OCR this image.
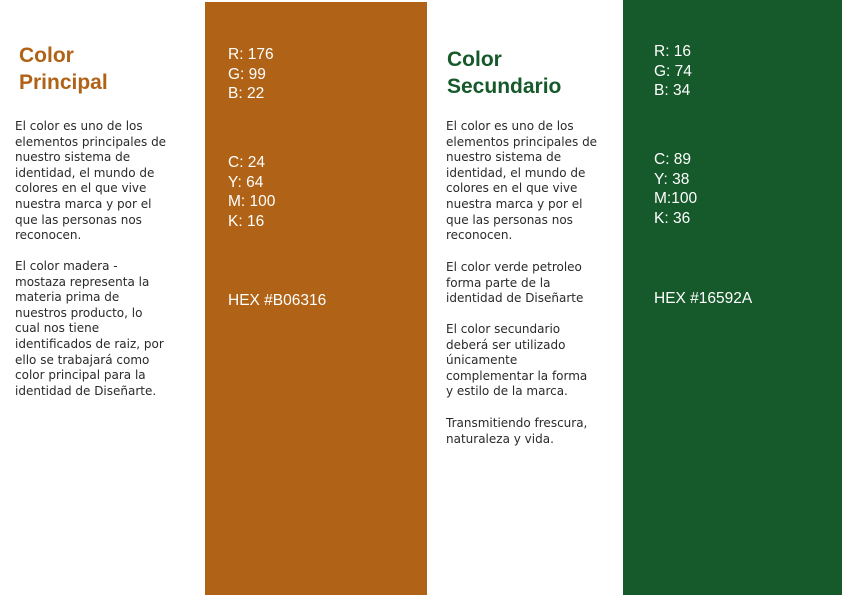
Color
Principal

El color es uno de los
elementos principales de
nuestro sistema de
identidad, el mundo de
colores en el que vive
nuestra marca y por el
que las personas nos
reconocen.

El color madera -
mostaza representa la
materia prima de
nuestros producto, lo
cual nos tiene
identificados de raiz, por
ello se trabajará como
color principal para la
identidad de Diseñarte.

R: 176
G: 99
B: 22

C: 24
Y: 64
M: 100
K: 16

HEX #B06316

Color
Secundario

El color es uno de los
elementos principales de
nuestro sistema de
identidad, el mundo de
colores en el que vive
nuestra marca y por el
que las personas nos
reconocen.

El color verde petroleo
forma parte de la
identidad de Diseñarte

El color secundario
deberá ser utilizado
únicamente
complementar la forma
y estilo de la marca.

Transmitiendo frescura,
naturaleza y vida.

R: 16
G: 74
B: 34

C: 89
Y: 38
M:100
K: 36

HEX #16592A
